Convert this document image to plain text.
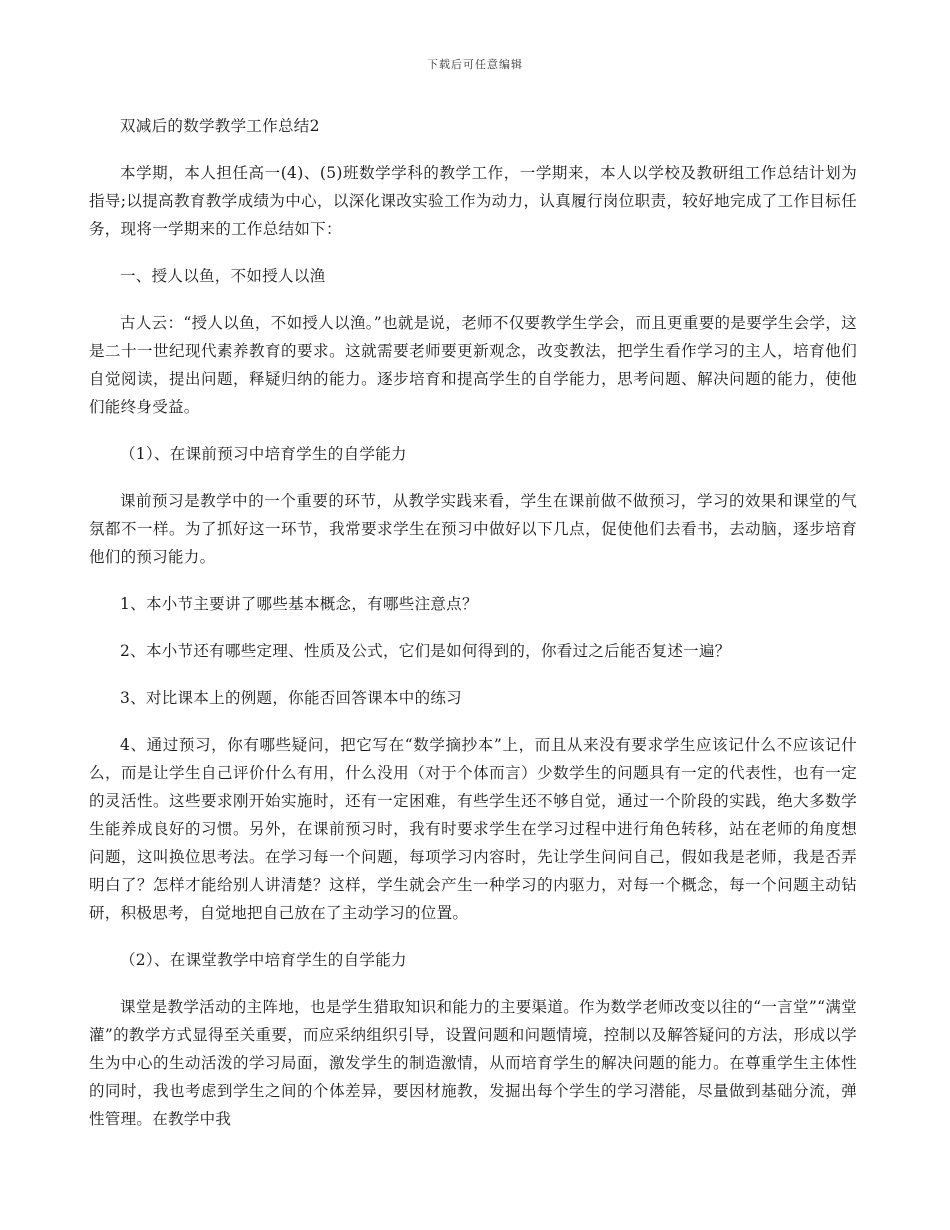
下载后可任意编辑

双减后的数学教学工作总结2

本学期，本人担任高一(4)、(5)班数学学科的教学工作，一学期来，本人以学校及教研组工作总结计划为指导;以提高教育教学成绩为中心，以深化课改实验工作为动力，认真履行岗位职责，较好地完成了工作目标任务，现将一学期来的工作总结如下：

一、授人以鱼，不如授人以渔

古人云：“授人以鱼，不如授人以渔。”也就是说，老师不仅要教学生学会，而且更重要的是要学生会学，这是二十一世纪现代素养教育的要求。这就需要老师要更新观念，改变教法，把学生看作学习的主人，培育他们自觉阅读，提出问题，释疑归纳的能力。逐步培育和提高学生的自学能力，思考问题、解决问题的能力，使他们能终身受益。

（1）、在课前预习中培育学生的自学能力

课前预习是教学中的一个重要的环节，从教学实践来看，学生在课前做不做预习，学习的效果和课堂的气氛都不一样。为了抓好这一环节，我常要求学生在预习中做好以下几点，促使他们去看书，去动脑，逐步培育他们的预习能力。

1、本小节主要讲了哪些基本概念，有哪些注意点？

2、本小节还有哪些定理、性质及公式，它们是如何得到的，你看过之后能否复述一遍？

3、对比课本上的例题，你能否回答课本中的练习

4、通过预习，你有哪些疑问，把它写在“数学摘抄本”上，而且从来没有要求学生应该记什么不应该记什么，而是让学生自己评价什么有用，什么没用（对于个体而言）少数学生的问题具有一定的代表性，也有一定的灵活性。这些要求刚开始实施时，还有一定困难，有些学生还不够自觉，通过一个阶段的实践，绝大多数学生能养成良好的习惯。另外，在课前预习时，我有时要求学生在学习过程中进行角色转移，站在老师的角度想问题，这叫换位思考法。在学习每一个问题，每项学习内容时，先让学生问问自己，假如我是老师，我是否弄明白了？怎样才能给别人讲清楚？这样，学生就会产生一种学习的内驱力，对每一个概念，每一个问题主动钻研，积极思考，自觉地把自己放在了主动学习的位置。

（2）、在课堂教学中培育学生的自学能力

课堂是教学活动的主阵地，也是学生猎取知识和能力的主要渠道。作为数学老师改变以往的“一言堂”“满堂灌”的教学方式显得至关重要，而应采纳组织引导，设置问题和问题情境，控制以及解答疑问的方法，形成以学生为中心的生动活泼的学习局面，激发学生的制造激情，从而培育学生的解决问题的能力。在尊重学生主体性的同时，我也考虑到学生之间的个体差异，要因材施教，发掘出每个学生的学习潜能，尽量做到基础分流，弹性管理。在教学中我
